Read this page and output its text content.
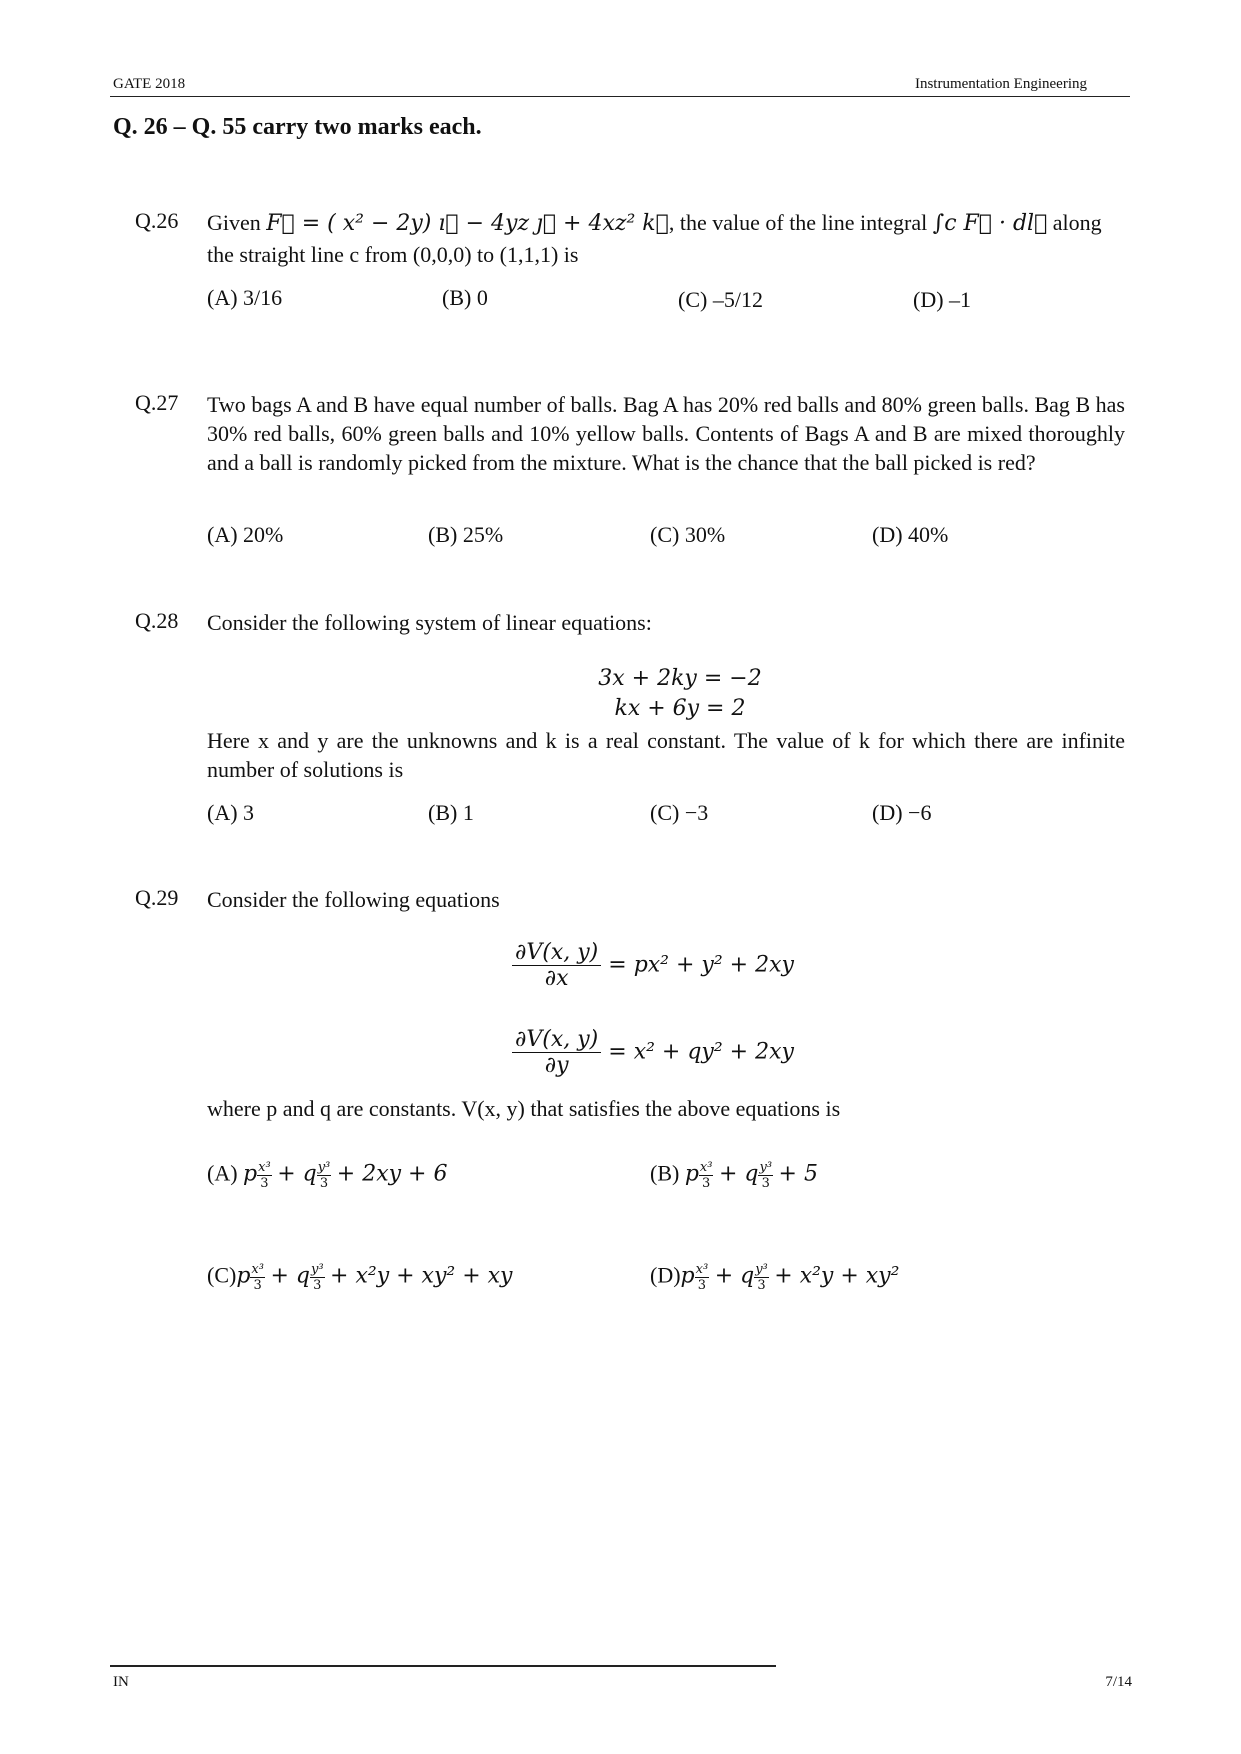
GATE 2018	Instrumentation Engineering
Q. 26 – Q. 55 carry two marks each.
Q.26 Given F⃗ = ( x² − 2y) ı⃗ − 4yz ȷ⃗ + 4xz² k⃗, the value of the line integral ∫c F⃗ · dl⃗ along
the straight line c from (0,0,0) to (1,1,1) is
(A) 3/16	(B) 0	(C) –5/12	(D) –1
Q.27 Two bags A and B have equal number of balls. Bag A has 20% red balls and 80% green balls. Bag B has 30% red balls, 60% green balls and 10% yellow balls. Contents of Bags A and B are mixed thoroughly and a ball is randomly picked from the mixture. What is the chance that the ball picked is red?
(A) 20%	(B) 25%	(C) 30%	(D) 40%
Q.28 Consider the following system of linear equations:
3x + 2ky = −2
kx + 6y = 2
Here x and y are the unknowns and k is a real constant. The value of k for which there are infinite number of solutions is
(A) 3	(B) 1	(C) −3	(D) −6
Q.29 Consider the following equations
$\frac{\partial V(x, y)}{\partial x} = px^2 + y^2 + 2xy$
$\frac{\partial V(x, y)}{\partial y} = x^2 + qy^2 + 2xy$
where p and q are constants. V(x, y) that satisfies the above equations is
(A) p $\frac{\text{x³}}{3} + q \frac{\text{y³}}{3} + 2xy + 6$	(B) p $\frac{\text{x³}}{3} + q \frac{\text{y³}}{3} + 5$
$(C)p \frac{\text{x³}}{3} + q \frac{\text{y³}}{3} + x^2y + xy^2$ + xy	$(D)p \frac{\text{x³}}{3} + q \frac{\text{y³}}{3} + x^2y + xy^2$
IN	7/14
